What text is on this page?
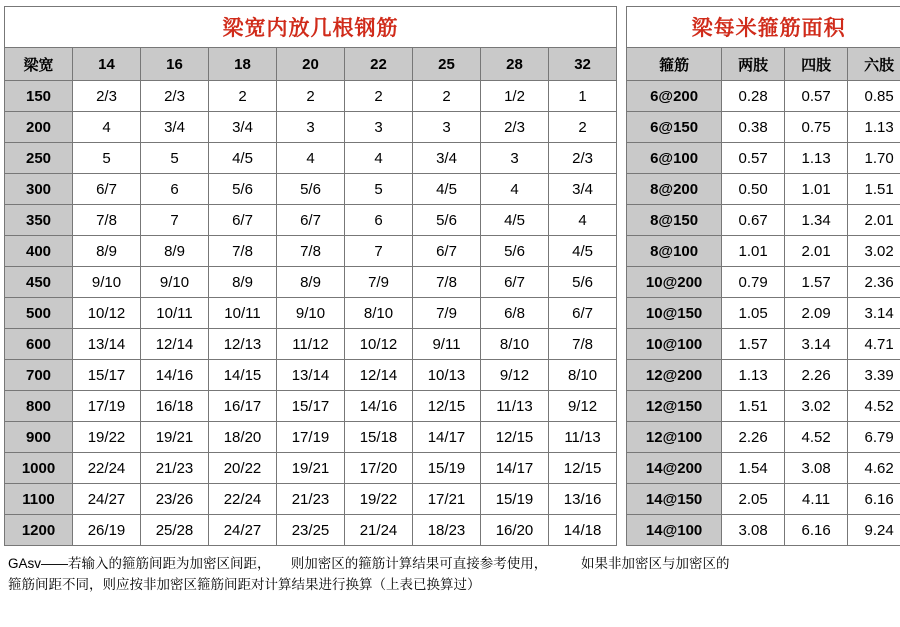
梁宽内放几根钢筋										梁每米箍筋面积			
梁宽	14	16	18	20	22	25	28	32		箍筋	两肢	四肢	六肢
150	2/3	2/3	2	2	2	2	1/2	1		6@200	0.28	0.57	0.85
200	4	3/4	3/4	3	3	3	2/3	2		6@150	0.38	0.75	1.13
250	5	5	4/5	4	4	3/4	3	2/3		6@100	0.57	1.13	1.70
300	6/7	6	5/6	5/6	5	4/5	4	3/4		8@200	0.50	1.01	1.51
350	7/8	7	6/7	6/7	6	5/6	4/5	4		8@150	0.67	1.34	2.01
400	8/9	8/9	7/8	7/8	7	6/7	5/6	4/5		8@100	1.01	2.01	3.02
450	9/10	9/10	8/9	8/9	7/9	7/8	6/7	5/6		10@200	0.79	1.57	2.36
500	10/12	10/11	10/11	9/10	8/10	7/9	6/8	6/7		10@150	1.05	2.09	3.14
600	13/14	12/14	12/13	11/12	10/12	9/11	8/10	7/8		10@100	1.57	3.14	4.71
700	15/17	14/16	14/15	13/14	12/14	10/13	9/12	8/10		12@200	1.13	2.26	3.39
800	17/19	16/18	16/17	15/17	14/16	12/15	11/13	9/12		12@150	1.51	3.02	4.52
900	19/22	19/21	18/20	17/19	15/18	14/17	12/15	11/13		12@100	2.26	4.52	6.79
1000	22/24	21/23	20/22	19/21	17/20	15/19	14/17	12/15		14@200	1.54	3.08	4.62
1100	24/27	23/26	22/24	21/23	19/22	17/21	15/19	13/16		14@150	2.05	4.11	6.16
1200	26/19	25/28	24/27	23/25	21/24	18/23	16/20	14/18		14@100	3.08	6.16	9.24
GAsv——若输入的箍筋间距为加密区间距，　　则加密区的箍筋计算结果可直接参考使用，　　　如果非加密区与加密区的
箍筋间距不同，则应按非加密区箍筋间距对计算结果进行换算（上表已换算过）
